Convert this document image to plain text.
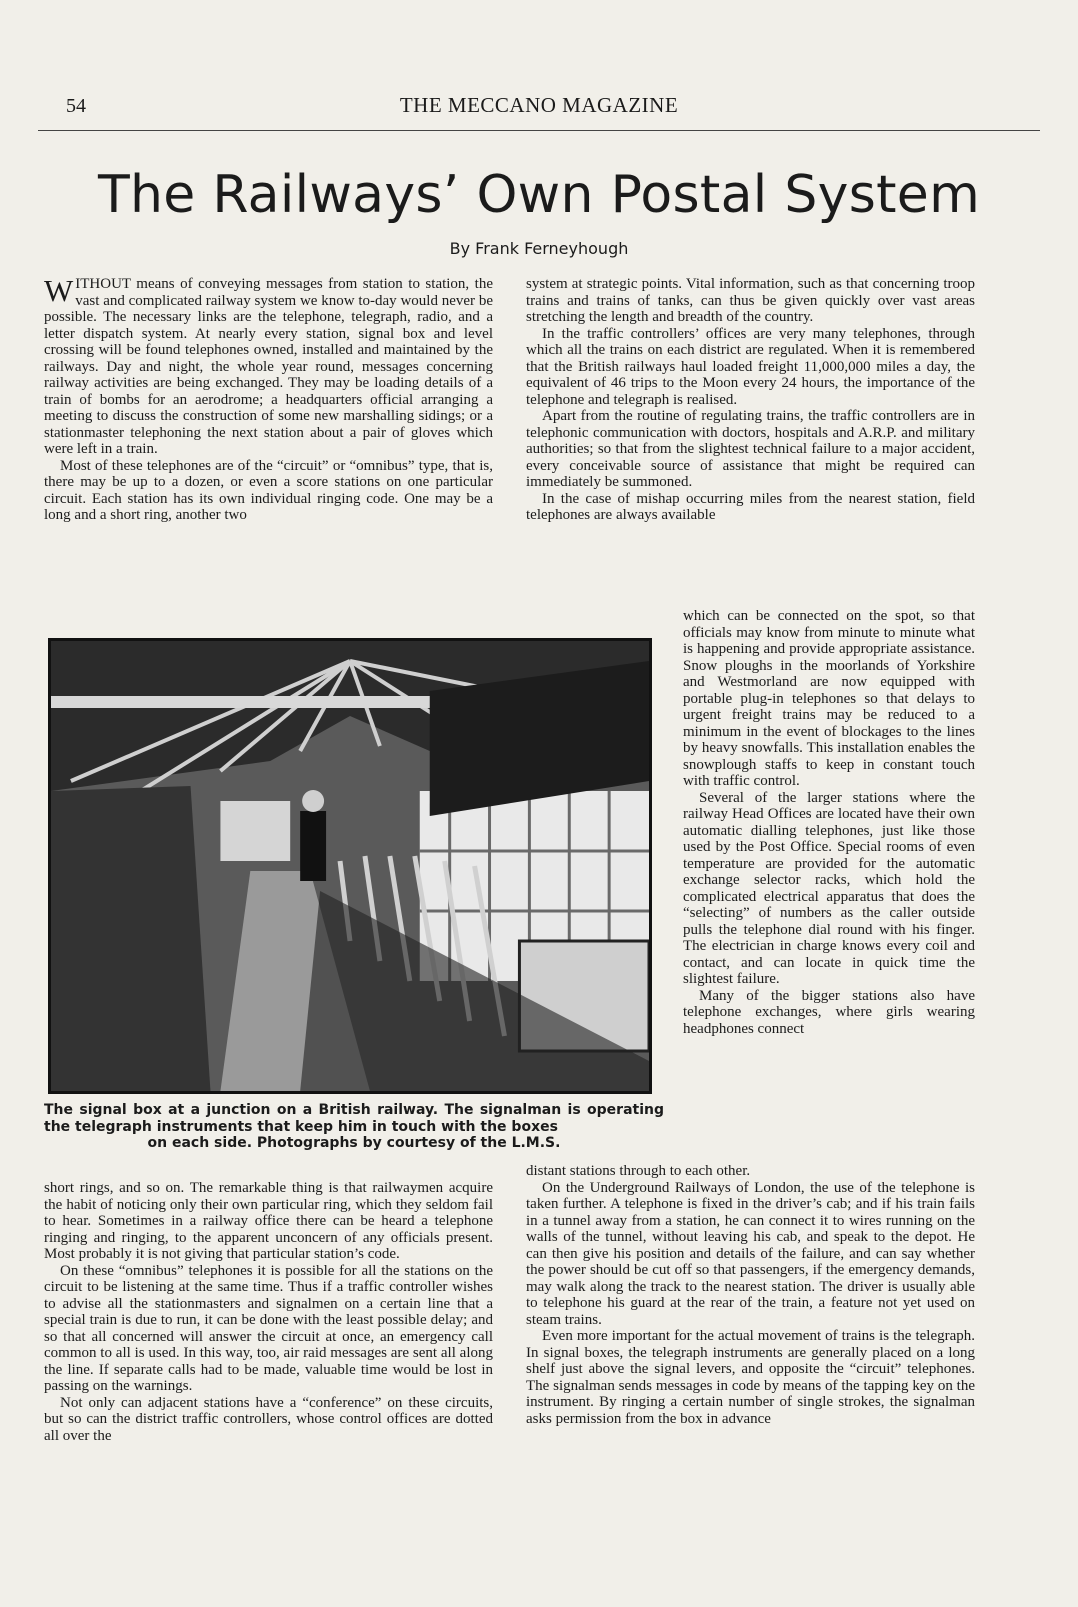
54	THE MECCANO MAGAZINE
The Railways’ Own Postal System
By Frank Ferneyhough

WITHOUT means of conveying messages from station to station, the vast and complicated railway system we know to-day would never be possible. The necessary links are the telephone, telegraph, radio, and a letter dispatch system. At nearly every station, signal box and level crossing will be found telephones owned, installed and maintained by the railways. Day and night, the whole year round, messages concerning railway activities are being exchanged. They may be loading details of a train of bombs for an aerodrome; a headquarters official arranging a meeting to discuss the construction of some new marshalling sidings; or a stationmaster telephoning the next station about a pair of gloves which were left in a train.

Most of these telephones are of the “circuit” or “omnibus” type, that is, there may be up to a dozen, or even a score stations on one particular circuit. Each station has its own individual ringing code. One may be a long and a short ring, another two

system at strategic points. Vital information, such as that concerning troop trains and trains of tanks, can thus be given quickly over vast areas stretching the length and breadth of the country.

In the traffic controllers’ offices are very many telephones, through which all the trains on each district are regulated. When it is remembered that the British railways haul loaded freight 11,000,000 miles a day, the equivalent of 46 trips to the Moon every 24 hours, the importance of the telephone and telegraph is realised.

Apart from the routine of regulating trains, the traffic controllers are in telephonic communication with doctors, hospitals and A.R.P. and military authorities; so that from the slightest technical failure to a major accident, every conceivable source of assistance that might be required can immediately be summoned.

In the case of mishap occurring miles from the nearest station, field telephones are always available

The signal box at a junction on a British railway. The signalman is operating the telegraph instruments that keep him in touch with the boxes
on each side. Photographs by courtesy of the L.M.S.

which can be connected on the spot, so that officials may know from minute to minute what is happening and provide appropriate assistance. Snow ploughs in the moorlands of Yorkshire and Westmorland are now equipped with portable plug-in telephones so that delays to urgent freight trains may be reduced to a minimum in the event of blockages to the lines by heavy snowfalls. This installation enables the snowplough staffs to keep in constant touch with traffic control.

Several of the larger stations where the railway Head Offices are located have their own automatic dialling telephones, just like those used by the Post Office. Special rooms of even temperature are provided for the automatic exchange selector racks, which hold the complicated electrical apparatus that does the “selecting” of numbers as the caller outside pulls the telephone dial round with his finger. The electrician in charge knows every coil and contact, and can locate in quick time the slightest failure.

Many of the bigger stations also have telephone exchanges, where girls wearing headphones connect

short rings, and so on. The remarkable thing is that railwaymen acquire the habit of noticing only their own particular ring, which they seldom fail to hear. Sometimes in a railway office there can be heard a telephone ringing and ringing, to the apparent unconcern of any officials present. Most probably it is not giving that particular station’s code.

On these “omnibus” telephones it is possible for all the stations on the circuit to be listening at the same time. Thus if a traffic controller wishes to advise all the stationmasters and signalmen on a certain line that a special train is due to run, it can be done with the least possible delay; and so that all concerned will answer the circuit at once, an emergency call common to all is used. In this way, too, air raid messages are sent all along the line. If separate calls had to be made, valuable time would be lost in passing on the warnings.

Not only can adjacent stations have a “conference” on these circuits, but so can the district traffic controllers, whose control offices are dotted all over the

distant stations through to each other.

On the Underground Railways of London, the use of the telephone is taken further. A telephone is fixed in the driver’s cab; and if his train fails in a tunnel away from a station, he can connect it to wires running on the walls of the tunnel, without leaving his cab, and speak to the depot. He can then give his position and details of the failure, and can say whether the power should be cut off so that passengers, if the emergency demands, may walk along the track to the nearest station. The driver is usually able to telephone his guard at the rear of the train, a feature not yet used on steam trains.

Even more important for the actual movement of trains is the telegraph. In signal boxes, the telegraph instruments are generally placed on a long shelf just above the signal levers, and opposite the “circuit” telephones. The signalman sends messages in code by means of the tapping key on the instrument. By ringing a certain number of single strokes, the signalman asks permission from the box in advance
